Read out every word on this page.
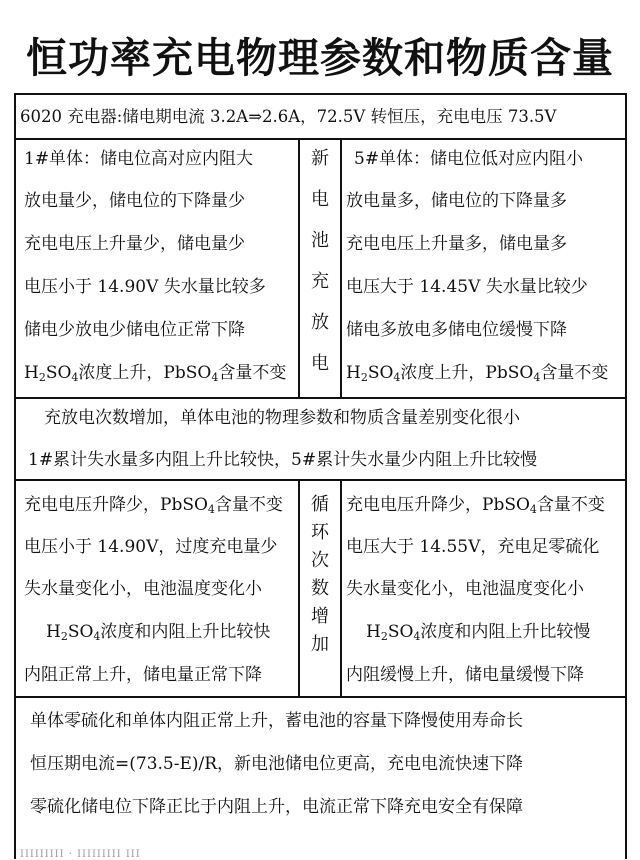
恒功率充电物理参数和物质含量
6020 充电器:储电期电流 3.2A⇒2.6A，72.5V 转恒压，充电电压 73.5V
1#单体：储电位高对应内阻大
放电量少，储电位的下降量少
充电电压上升量少，储电量少
电压小于 14.90V 失水量比较多
储电少放电少储电位正常下降
$H_2SO_4$浓度上升，PbSO$_4$含量不变
新
电
池
充
放
电
5#单体：储电位低对应内阻小
放电量多，储电位的下降量多
充电电压上升量多，储电量多
电压大于 14.45V 失水量比较少
储电多放电多储电位缓慢下降
$H_2SO_4$浓度上升，PbSO$_4$含量不变
充放电次数增加，单体电池的物理参数和物质含量差别变化很小
1#累计失水量多内阻上升比较快，5#累计失水量少内阻上升比较慢
充电电压升降少，PbSO$_4$含量不变
电压小于 14.90V，过度充电量少
失水量变化小，电池温度变化小
$H_2SO_4$浓度和内阻上升比较快
内阻正常上升，储电量正常下降
循
环
次
数
增
加
充电电压升降少，PbSO$_4$含量不变
电压大于 14.55V，充电足零硫化
失水量变化小，电池温度变化小
$H_2SO_4$浓度和内阻上升比较慢
内阻缓慢上升，储电量缓慢下降
单体零硫化和单体内阻正常上升，蓄电池的容量下降慢使用寿命长
恒压期电流=(73.5-E)/R，新电池储电位更高，充电电流快速下降
零硫化储电位下降正比于内阻上升，电流正常下降充电安全有保障
IIIIIIIII · IIIIIIIII III
